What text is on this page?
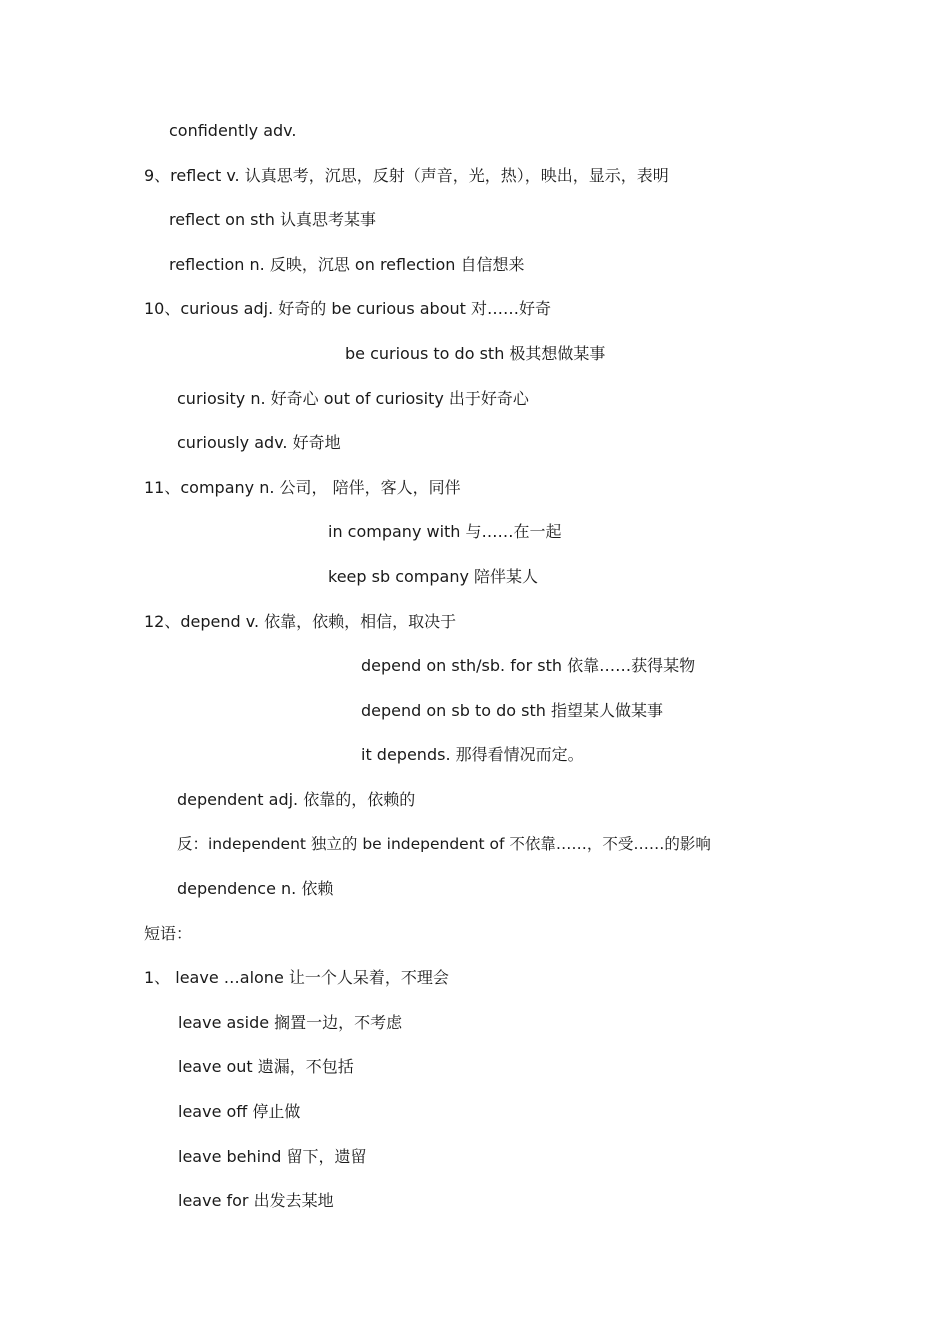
confidently adv.
9、reflect v. 认真思考，沉思，反射（声音，光，热），映出，显示，表明
reflect on sth 认真思考某事
reflection n. 反映，沉思 on reflection 自信想来
10、curious adj. 好奇的 be curious about 对……好奇
be curious to do sth 极其想做某事
curiosity n. 好奇心 out of curiosity 出于好奇心
curiously adv. 好奇地
11、company n. 公司， 陪伴，客人，同伴
in company with 与……在一起
keep sb company 陪伴某人
12、depend v. 依靠，依赖，相信，取决于
depend on sth/sb. for sth 依靠……获得某物
depend on sb to do sth 指望某人做某事
it depends. 那得看情况而定。
dependent adj. 依靠的，依赖的
反：independent 独立的 be independent of 不依靠……，不受……的影响
dependence n. 依赖
短语：
1、 leave …alone 让一个人呆着，不理会
leave aside 搁置一边，不考虑
leave out 遗漏，不包括
leave off 停止做
leave behind 留下，遗留
leave for 出发去某地
